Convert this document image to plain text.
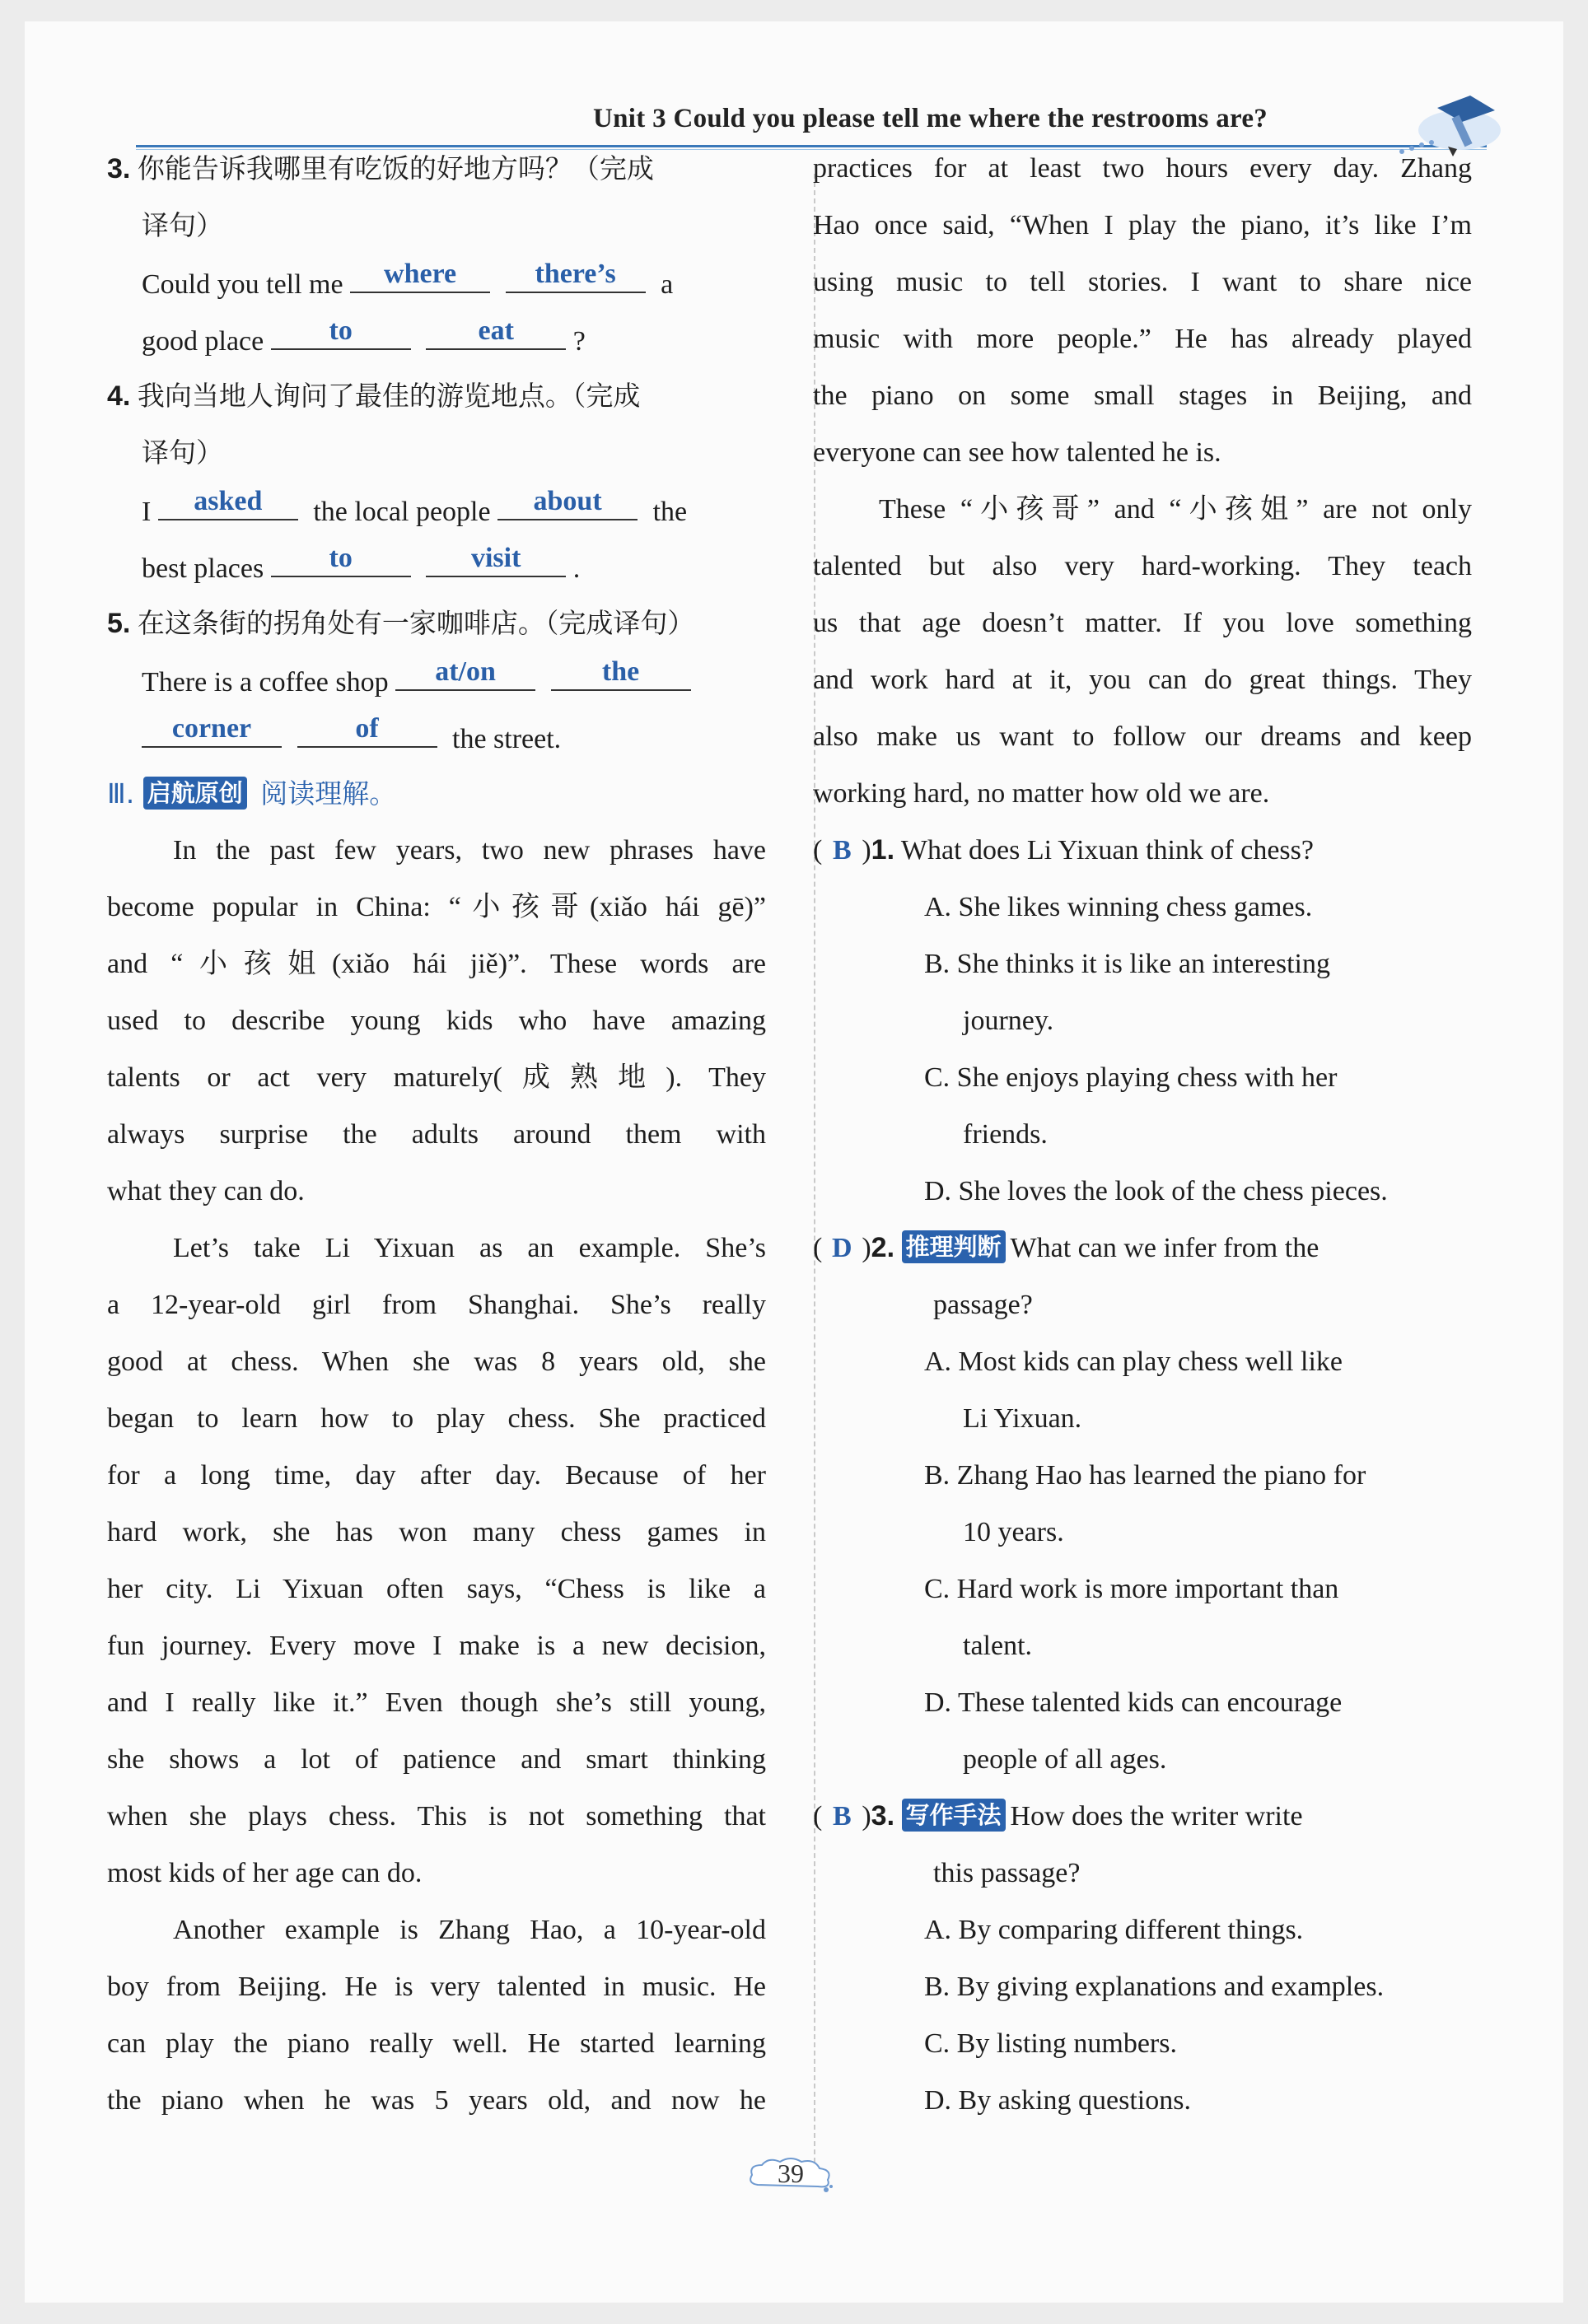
Unit 3 Could you please tell me where the restrooms are?
3. 你能告诉我哪里有吃饭的好地方吗？（完成
译句）
Could you tell me	where
	there’s	a
good place	to
	eat	?
4. 我向当地人询问了最佳的游览地点。（完成
译句）
I	asked	the local people	about	the
best places	to
	visit	.
5. 在这条街的拐角处有一家咖啡店。（完成译句）
There is a coffee shop	at/on
	the
corner
	of	the street.
Ⅲ. 启航原创 阅读理解。
In the past few years, two new phrases have
become popular in China: “小孩哥(xiǎo hái gē)”
and “小孩姐(xiǎo hái jiě)”. These words are
used to describe young kids who have amazing
talents or act very maturely(成熟地). They
always surprise the adults around them with
what they can do.
Let’s take Li Yixuan as an example. She’s
a 12-year-old girl from Shanghai. She’s really
good at chess. When she was 8 years old, she
began to learn how to play chess. She practiced
for a long time, day after day. Because of her
hard work, she has won many chess games in
her city. Li Yixuan often says, “Chess is like a
fun journey. Every move I make is a new decision,
and I really like it.” Even though she’s still young,
she shows a lot of patience and smart thinking
when she plays chess. This is not something that
most kids of her age can do.
Another example is Zhang Hao, a 10-year-old
boy from Beijing. He is very talented in music. He
can play the piano really well. He started learning
the piano when he was 5 years old, and now he
practices for at least two hours every day. Zhang
Hao once said, “When I play the piano, it’s like I’m
using music to tell stories. I want to share nice
music with more people.” He has already played
the piano on some small stages in Beijing, and
everyone can see how talented he is.
These “小孩哥” and “小孩姐” are not only
talented but also very hard-working. They teach
us that age doesn’t matter. If you love something
and work hard at it, you can do great things. They
also make us want to follow our dreams and keep
working hard, no matter how old we are.
( B )1. What does Li Yixuan think of chess?
A. She likes winning chess games.
B. She thinks it is like an interesting
journey.
C. She enjoys playing chess with her
friends.
D. She loves the look of the chess pieces.
( D )2. 推理判断 What can we infer from the
passage?
A. Most kids can play chess well like
Li Yixuan.
B. Zhang Hao has learned the piano for
10 years.
C. Hard work is more important than
talent.
D. These talented kids can encourage
people of all ages.
( B )3. 写作手法 How does the writer write
this passage?
A. By comparing different things.
B. By giving explanations and examples.
C. By listing numbers.
D. By asking questions.
39
